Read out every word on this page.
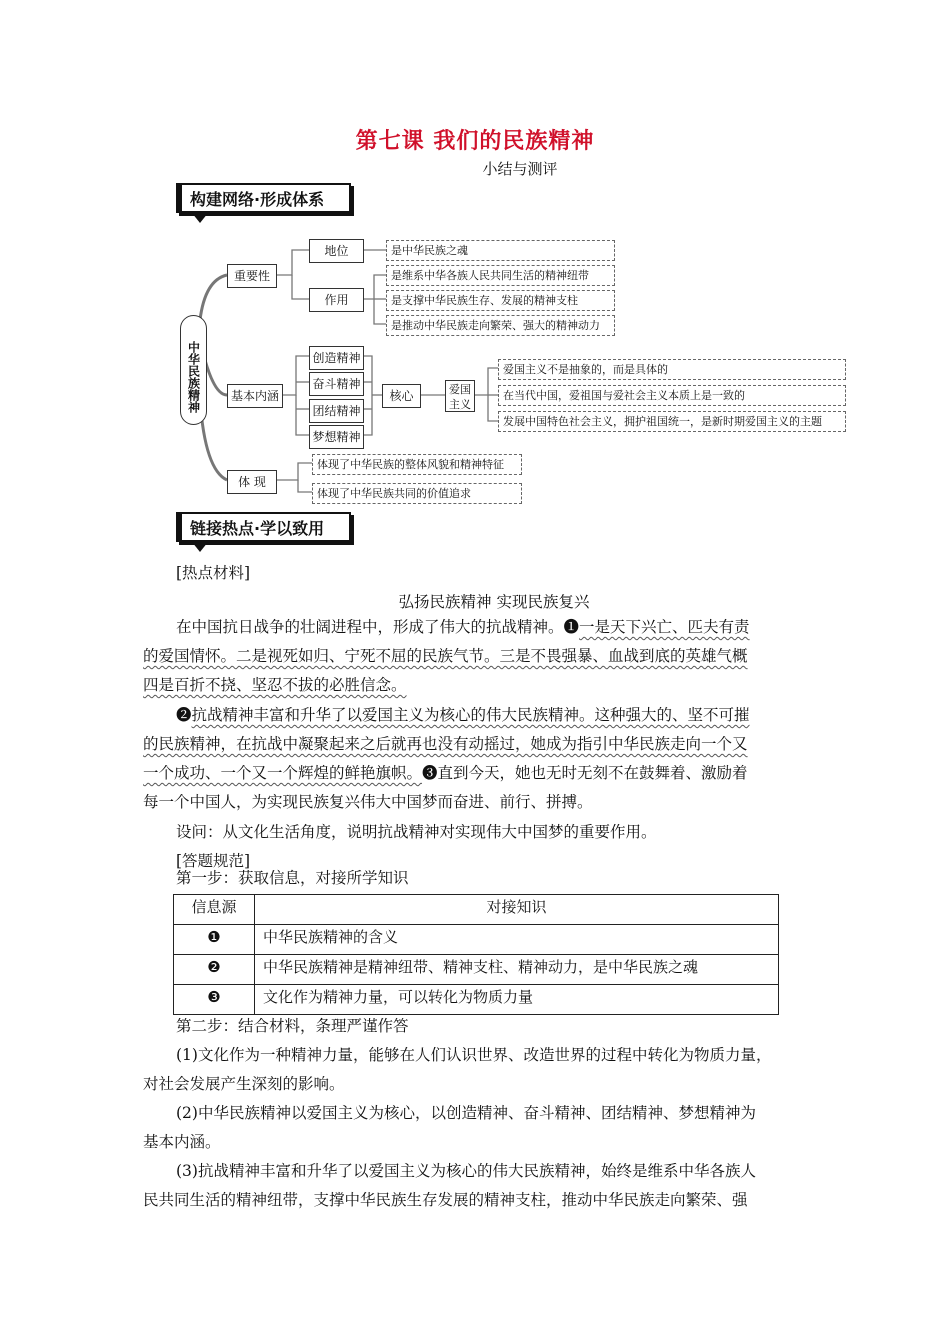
第七课 我们的民族精神
小结与测评
构建网络·形成体系
中华民族精神
重要性
地位
作用
是中华民族之魂
是维系中华各族人民共同生活的精神纽带
是支撑中华民族生存、发展的精神支柱
是推动中华民族走向繁荣、强大的精神动力
基本内涵
创造精神
奋斗精神
团结精神
梦想精神
核心	爱国
主义
爱国主义不是抽象的，而是具体的
在当代中国，爱祖国与爱社会主义本质上是一致的
发展中国特色社会主义，拥护祖国统一，是新时期爱国主义的主题
体 现
体现了中华民族的整体风貌和精神特征
体现了中华民族共同的价值追求
链接热点·学以致用
[热点材料]
弘扬民族精神 实现民族复兴
在中国抗日战争的壮阔进程中，形成了伟大的抗战精神。❶一是天下兴亡、匹夫有责
的爱国情怀。二是视死如归、宁死不屈的民族气节。三是不畏强暴、血战到底的英雄气概
四是百折不挠、坚忍不拔的必胜信念。
❷抗战精神丰富和升华了以爱国主义为核心的伟大民族精神。这种强大的、坚不可摧
的民族精神，在抗战中凝聚起来之后就再也没有动摇过，她成为指引中华民族走向一个又
一个成功、一个又一个辉煌的鲜艳旗帜。❸直到今天，她也无时无刻不在鼓舞着、激励着
每一个中国人，为实现民族复兴伟大中国梦而奋进、前行、拼搏。
设问：从文化生活角度，说明抗战精神对实现伟大中国梦的重要作用。
[答题规范]
第一步：获取信息，对接所学知识
信息源	对接知识
❶	中华民族精神的含义
❷	中华民族精神是精神纽带、精神支柱、精神动力，是中华民族之魂
❸	文化作为精神力量，可以转化为物质力量
第二步：结合材料，条理严谨作答
(1)文化作为一种精神力量，能够在人们认识世界、改造世界的过程中转化为物质力量，
对社会发展产生深刻的影响。
(2)中华民族精神以爱国主义为核心，以创造精神、奋斗精神、团结精神、梦想精神为
基本内涵。
(3)抗战精神丰富和升华了以爱国主义为核心的伟大民族精神，始终是维系中华各族人
民共同生活的精神纽带，支撑中华民族生存发展的精神支柱，推动中华民族走向繁荣、强
